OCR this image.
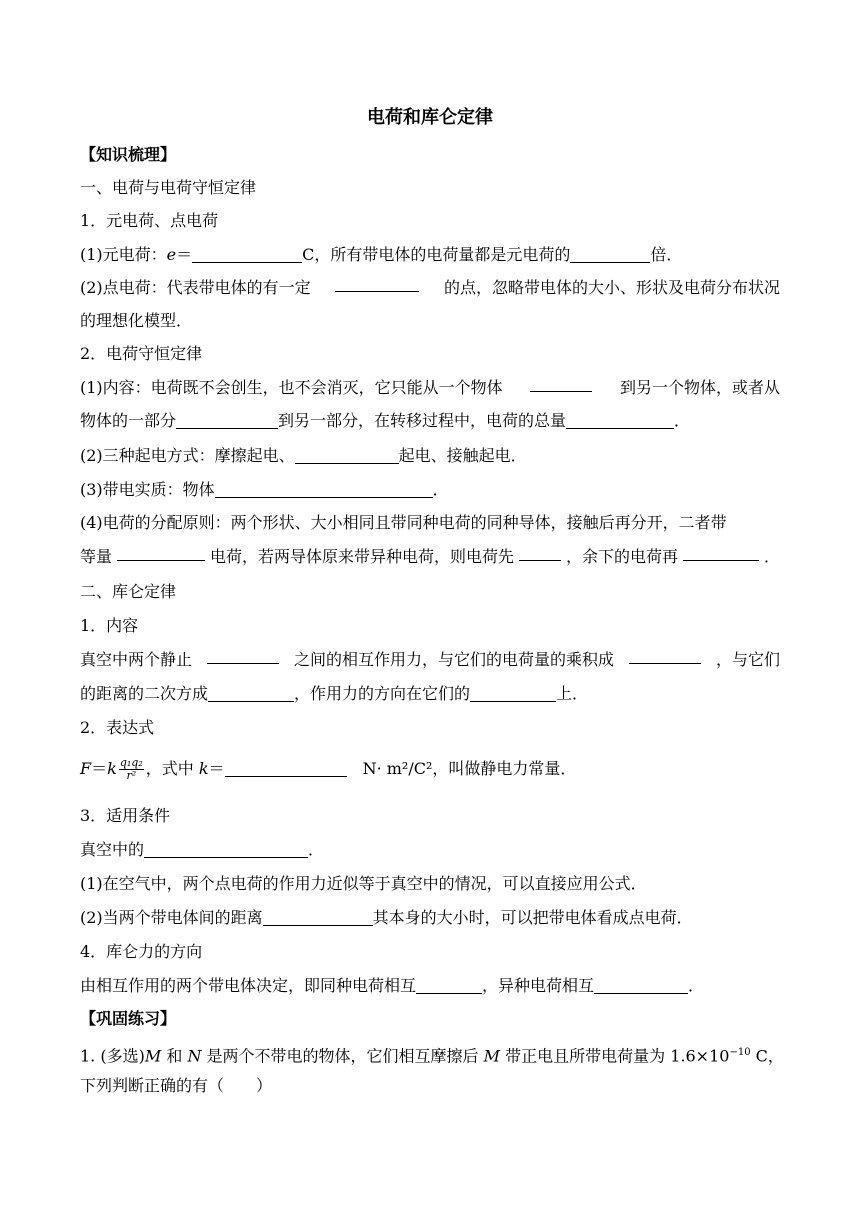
电荷和库仑定律
【知识梳理】
一、电荷与电荷守恒定律
1．元电荷、点电荷
(1)元电荷：e＝	C，所有带电体的电荷量都是元电荷的	倍．
(2)点电荷：代表带电体的有一定	的点，忽略带电体的大小、形状及电荷分布状况
的理想化模型．
2．电荷守恒定律
(1)内容：电荷既不会创生，也不会消灭，它只能从一个物体	到另一个物体，或者从
物体的一部分	到另一部分，在转移过程中，电荷的总量	．
(2)三种起电方式：摩擦起电、	起电、接触起电．
(3)带电实质：物体	．
(4)电荷的分配原则：两个形状、大小相同且带同种电荷的同种导体，接触后再分开，二者带
等量	电荷，若两导体原来带异种电荷，则电荷先	，余下的电荷再	．
二、库仑定律
1．内容
真空中两个静止	之间的相互作用力，与它们的电荷量的乘积成	，与它们
的距离的二次方成	，作用力的方向在它们的	上．
2．表达式
$F=k \frac{\text{q₁q₂}}{\text{r²}}$ ，式中 k＝　	N· m²/C²，叫做静电力常量．
3．适用条件
真空中的	．
(1)在空气中，两个点电荷的作用力近似等于真空中的情况，可以直接应用公式．
(2)当两个带电体间的距离	其本身的大小时，可以把带电体看成点电荷．
4．库仑力的方向
由相互作用的两个带电体决定，即同种电荷相互	，异种电荷相互	．
【巩固练习】
1. (多选)M 和 N 是两个不带电的物体，它们相互摩擦后 M 带正电且所带电荷量为 $1.6\times 10^{-10}$ C，
下列判断正确的有（　　）
